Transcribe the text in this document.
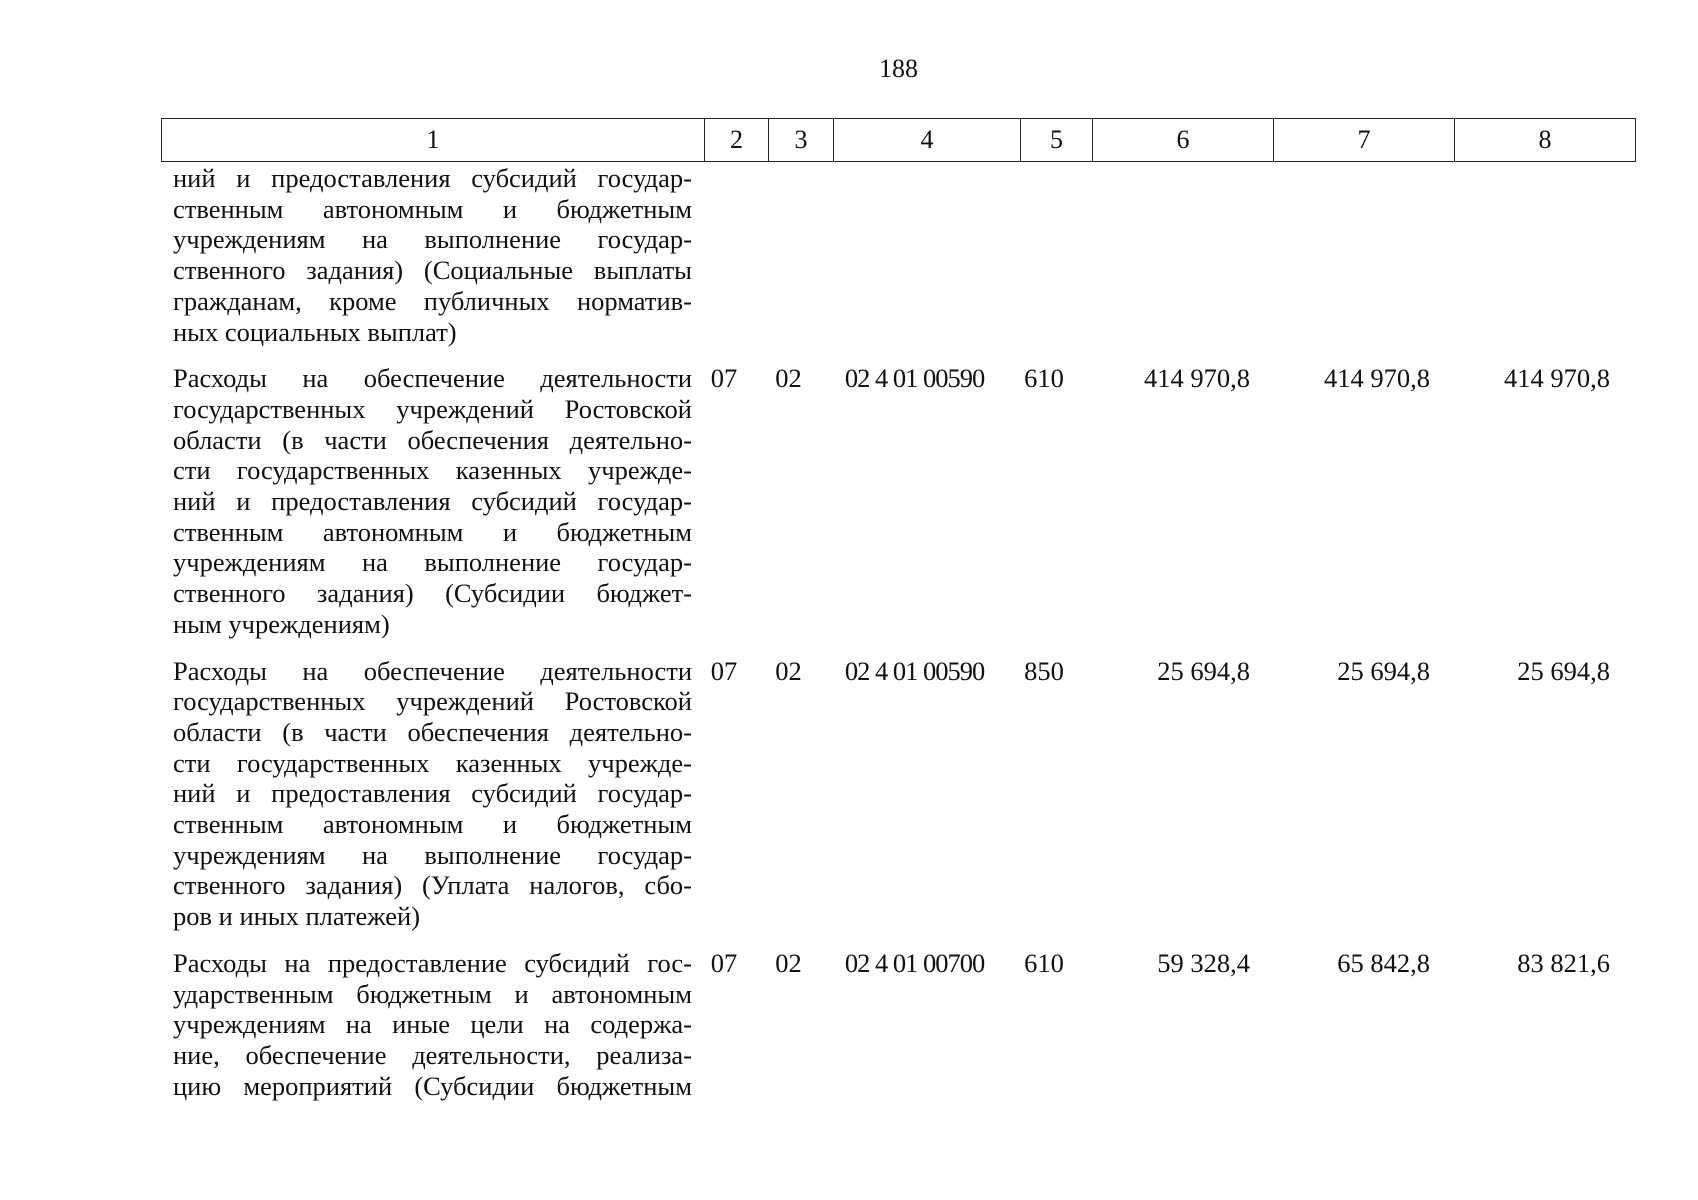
188
1	2	3	4	5	6	7	8
ний и предоставления субсидий государ-
ственным автономным и бюджетным
учреждениям на выполнение государ-
ственного задания) (Социальные выплаты
гражданам, кроме публичных норматив-
ных социальных выплат)
Расходы на обеспечение деятельности
государственных учреждений Ростовской
области (в части обеспечения деятельно-
сти государственных казенных учрежде-
ний и предоставления субсидий государ-
ственным автономным и бюджетным
учреждениям на выполнение государ-
ственного задания) (Субсидии бюджет-
ным учреждениям)
07	02	02 4 01 00590	610	414 970,8	414 970,8	414 970,8
Расходы на обеспечение деятельности
государственных учреждений Ростовской
области (в части обеспечения деятельно-
сти государственных казенных учрежде-
ний и предоставления субсидий государ-
ственным автономным и бюджетным
учреждениям на выполнение государ-
ственного задания) (Уплата налогов, сбо-
ров и иных платежей)
07	02	02 4 01 00590	850	25 694,8	25 694,8	25 694,8
Расходы на предоставление субсидий гос-
ударственным бюджетным и автономным
учреждениям на иные цели на содержа-
ние, обеспечение деятельности, реализа-
цию мероприятий (Субсидии бюджетным
07	02	02 4 01 00700	610	59 328,4	65 842,8	83 821,6
